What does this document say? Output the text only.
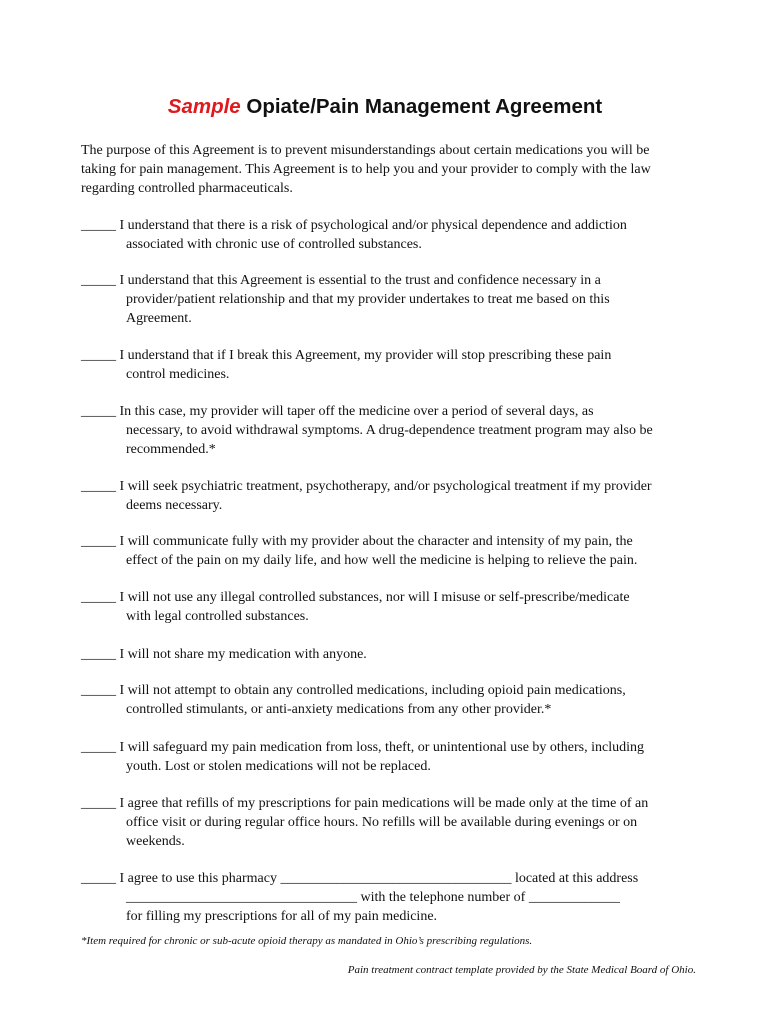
Sample Opiate/Pain Management Agreement
The purpose of this Agreement is to prevent misunderstandings about certain medications you will be
taking for pain management. This Agreement is to help you and your provider to comply with the law
regarding controlled pharmaceuticals.
_____ I understand that there is a risk of psychological and/or physical dependence and addiction
associated with chronic use of controlled substances.
_____ I understand that this Agreement is essential to the trust and confidence necessary in a
provider/patient relationship and that my provider undertakes to treat me based on this
Agreement.
_____ I understand that if I break this Agreement, my provider will stop prescribing these pain
control medicines.
_____ In this case, my provider will taper off the medicine over a period of several days, as
necessary, to avoid withdrawal symptoms. A drug-dependence treatment program may also be
recommended.*
_____ I will seek psychiatric treatment, psychotherapy, and/or psychological treatment if my provider
deems necessary.
_____ I will communicate fully with my provider about the character and intensity of my pain, the
effect of the pain on my daily life, and how well the medicine is helping to relieve the pain.
_____ I will not use any illegal controlled substances, nor will I misuse or self-prescribe/medicate
with legal controlled substances.
_____ I will not share my medication with anyone.
_____ I will not attempt to obtain any controlled medications, including opioid pain medications,
controlled stimulants, or anti-anxiety medications from any other provider.*
_____ I will safeguard my pain medication from loss, theft, or unintentional use by others, including
youth. Lost or stolen medications will not be replaced.
_____ I agree that refills of my prescriptions for pain medications will be made only at the time of an
office visit or during regular office hours. No refills will be available during evenings or on
weekends.
_____ I agree to use this pharmacy _________________________________ located at this address
_________________________________ with the telephone number of _____________
for filling my prescriptions for all of my pain medicine.
*Item required for chronic or sub-acute opioid therapy as mandated in Ohio’s prescribing regulations.
Pain treatment contract template provided by the State Medical Board of Ohio.
